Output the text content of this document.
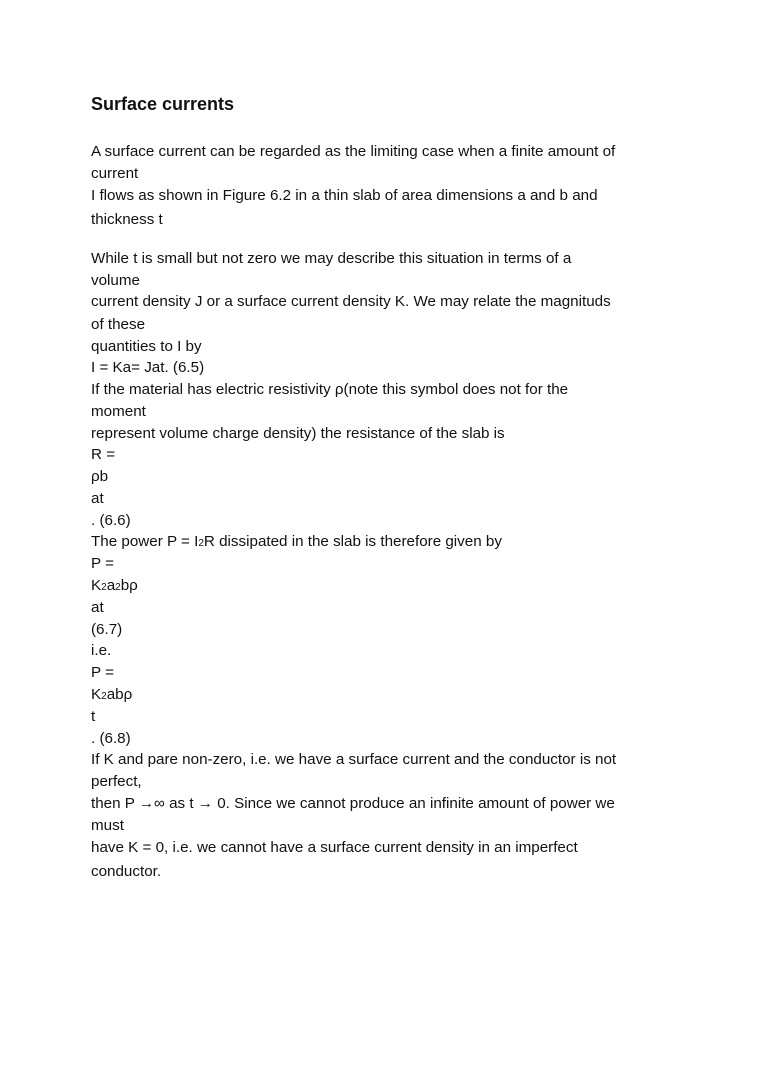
Surface currents

A surface current can be regarded as the limiting case when a finite amount of

current

I flows as shown in Figure 6.2 in a thin slab of area dimensions a and b and

thickness t

While t is small but not zero we may describe this situation in terms of a

volume

current density J or a surface current density K. We may relate the magnituds

of these

quantities to I by

I = Ka= Jat. (6.5)

If the material has electric resistivity ρ(note this symbol does not for the

moment

represent volume charge density) the resistance of the slab is

R =

ρb

at

. (6.6)

The power P = I2R dissipated in the slab is therefore given by

P =

K2a2bρ

at

(6.7)

i.e.

P =

K2abρ

t

. (6.8)

If K and pare non-zero, i.e. we have a surface current and the conductor is not

perfect,

then P →∞ as t → 0. Since we cannot produce an infinite amount of power we

must

have K = 0, i.e. we cannot have a surface current density in an imperfect

conductor.
